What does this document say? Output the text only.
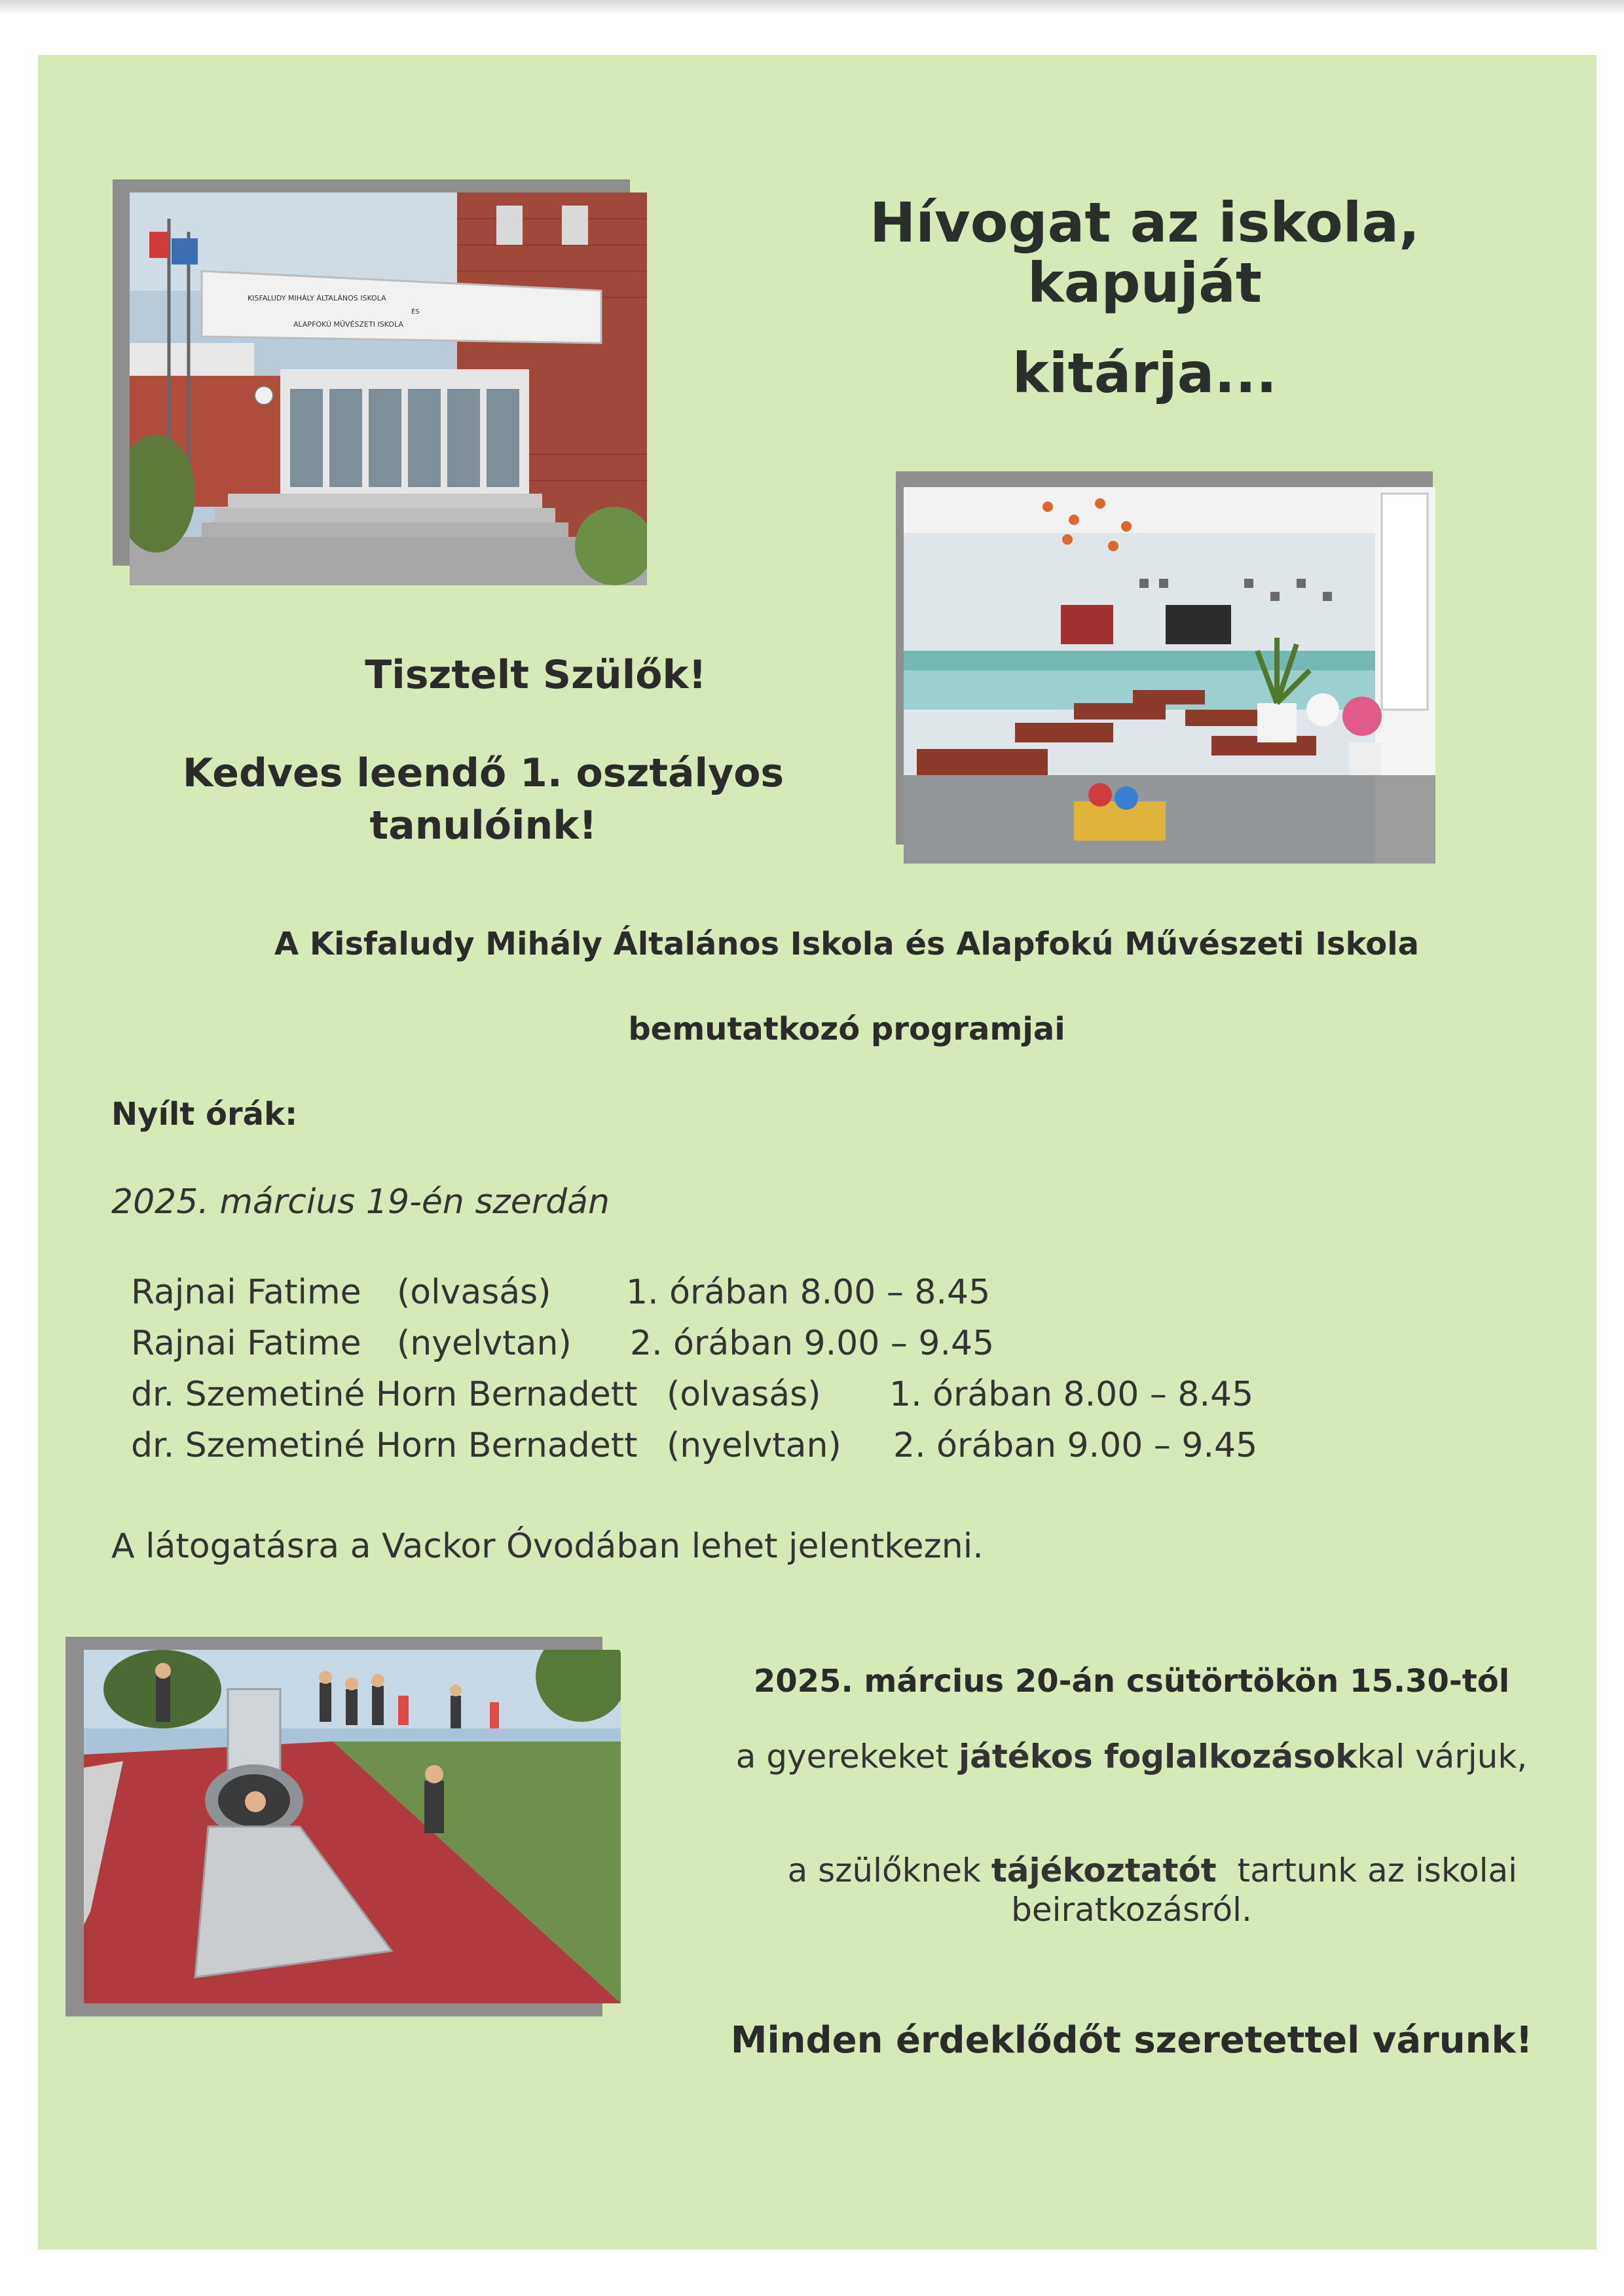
KISFALUDY MIHÁLY ÁLTALÁNOS ISKOLA
ÉS
ALAPFOKÚ MŰVÉSZETI ISKOLA
Hívogat az iskola, kapuját
kitárja...
Tisztelt Szülők!
Kedves leendő 1. osztályos
tanulóink!
A Kisfaludy Mihály Általános Iskola és Alapfokú Művészeti Iskola
bemutatkozó programjai
Nyílt órák:
2025. március 19-én szerdán
Rajnai Fatime (olvasás) 1. órában 8.00 – 8.45
Rajnai Fatime (nyelvtan) 2. órában 9.00 – 9.45
dr. Szemetiné Horn Bernadett (olvasás) 1. órában 8.00 – 8.45
dr. Szemetiné Horn Bernadett (nyelvtan) 2. órában 9.00 – 9.45
A látogatásra a Vackor Óvodában lehet jelentkezni.
2025. március 20-án csütörtökön 15.30-tól
a gyerekeket játékos foglalkozásokkal várjuk,

a szülőknek tájékoztatót  tartunk az iskolai

beiratkozásról.
Minden érdeklődőt szeretettel várunk!
